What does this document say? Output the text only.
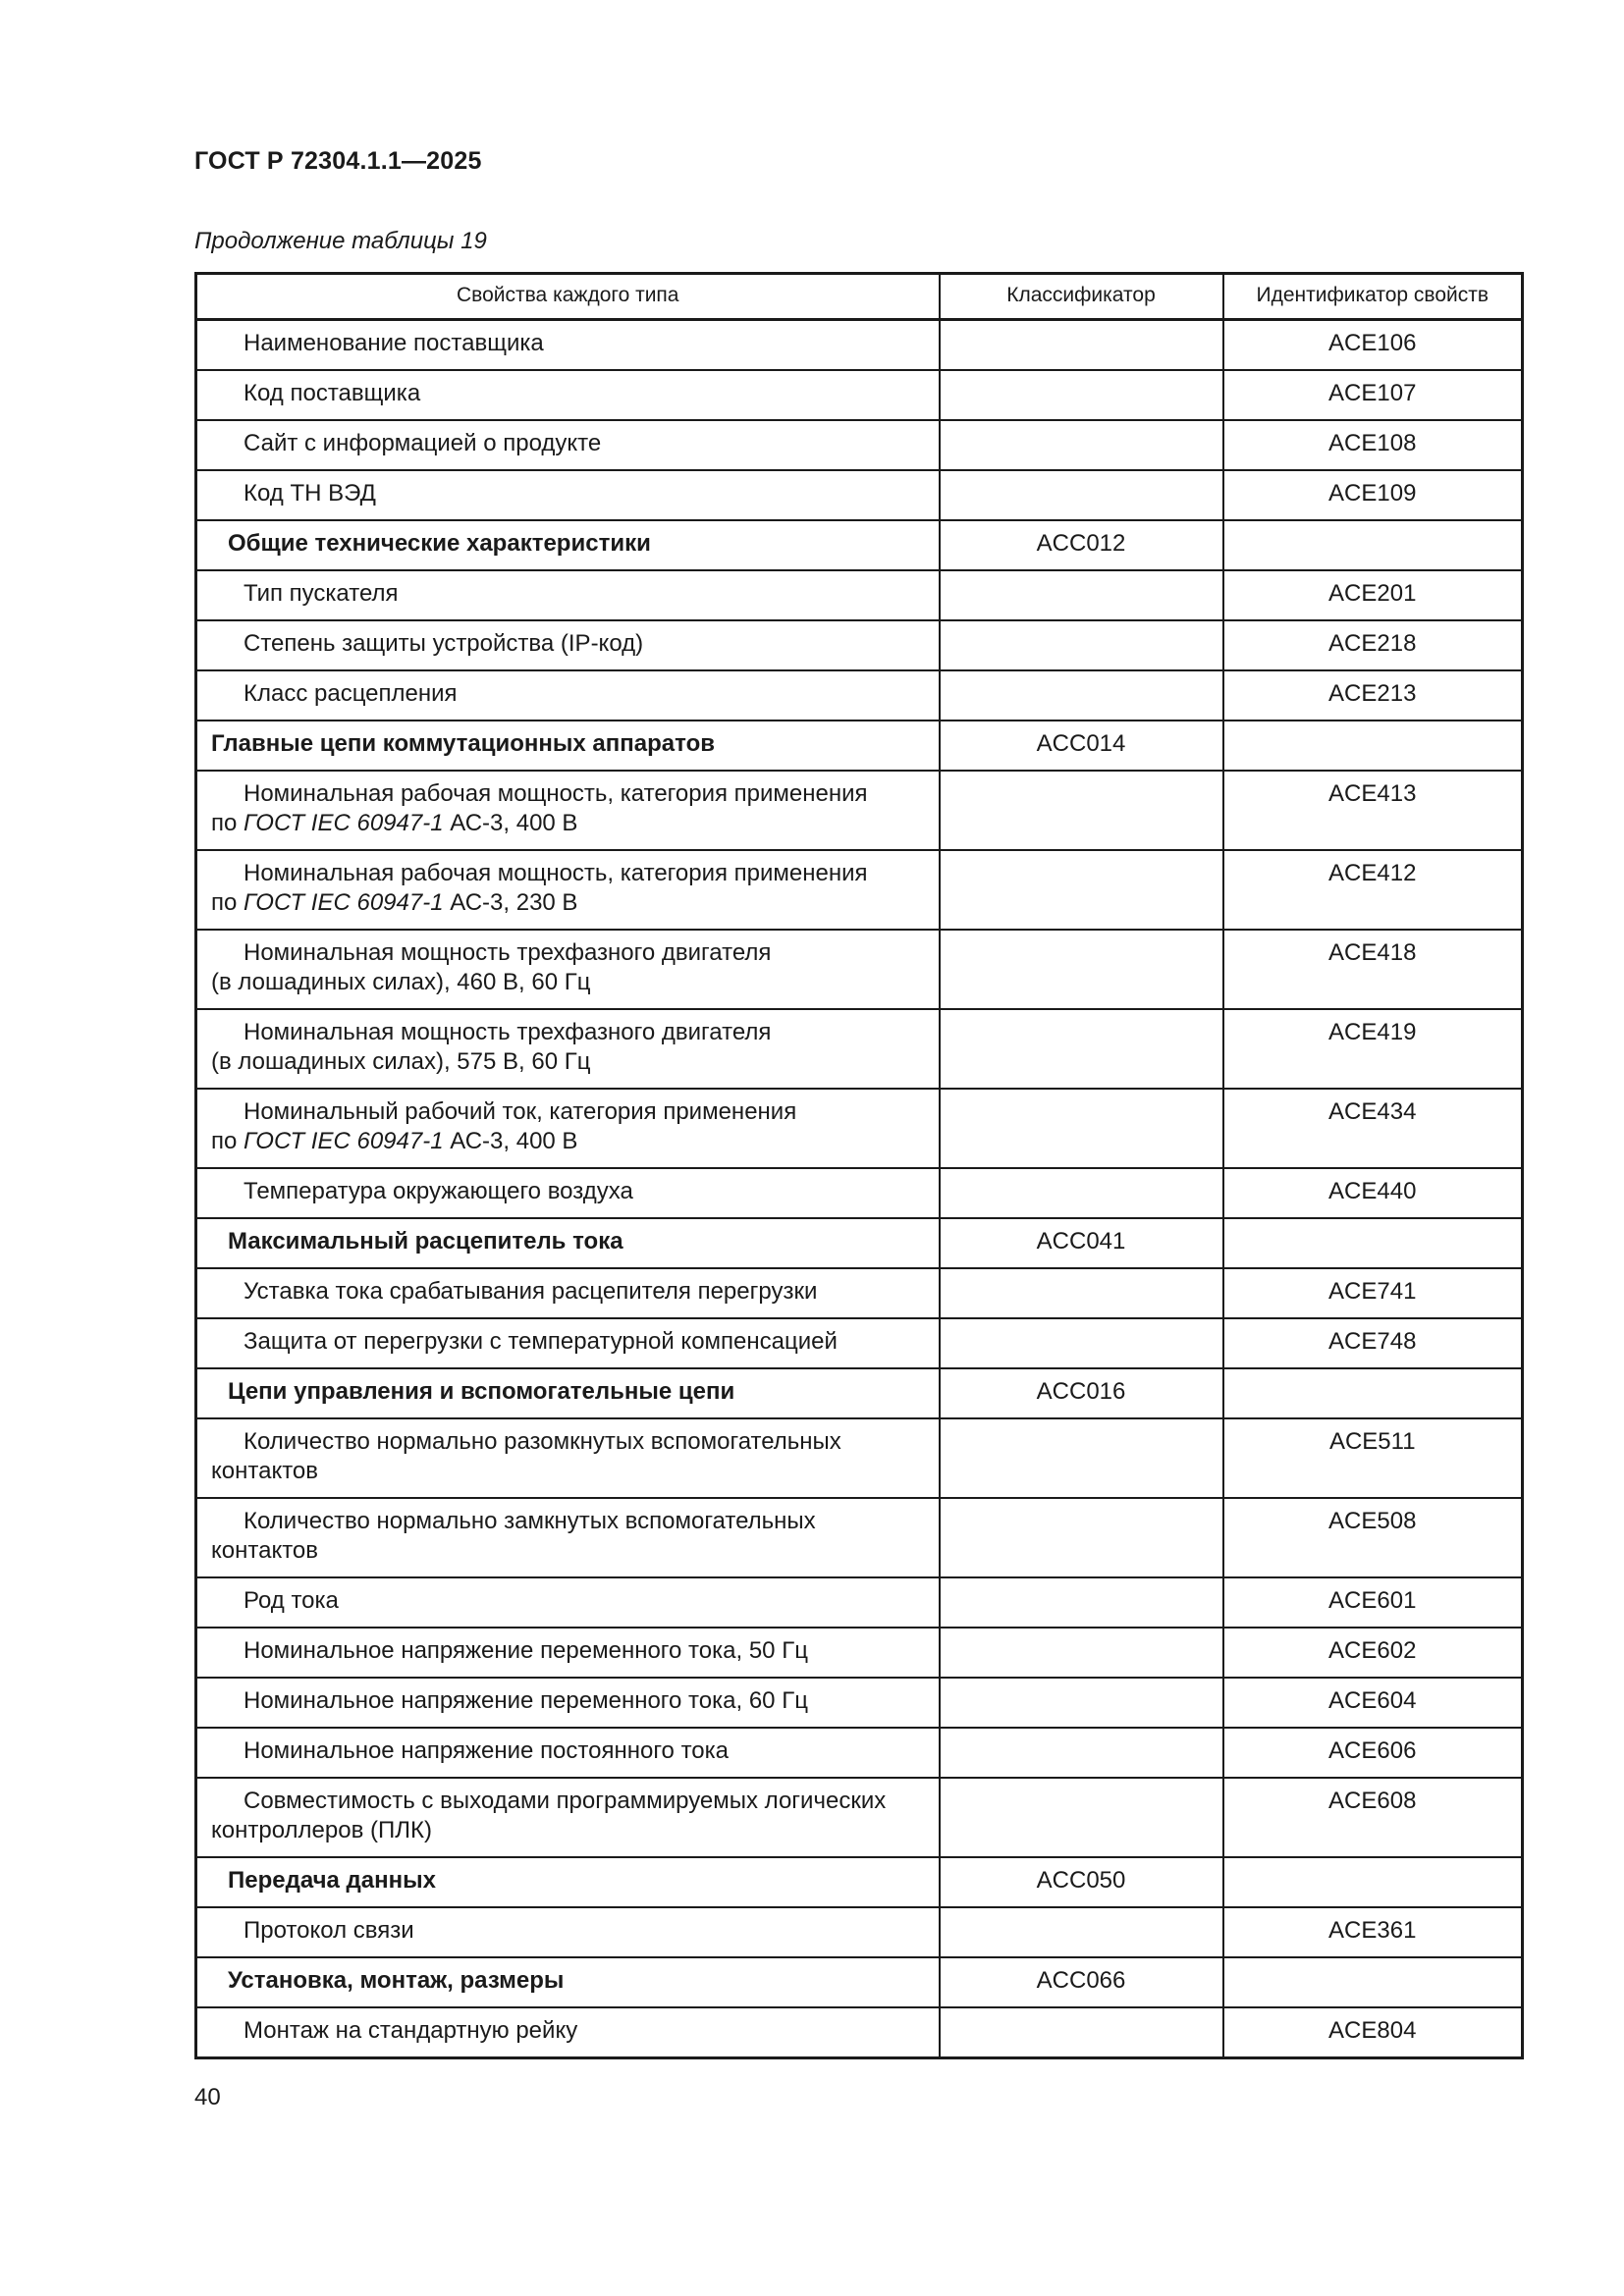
ГОСТ Р 72304.1.1—2025
Продолжение таблицы 19
Свойства каждого типа	Классификатор	Идентификатор свойств
Наименование поставщика		ACE106
Код поставщика		ACE107
Сайт с информацией о продукте		ACE108
Код ТН ВЭД		ACE109
Общие технические характеристики	ACC012	
Тип пускателя		ACE201
Степень защиты устройства (IP-код)		ACE218
Класс расцепления		ACE213
Главные цепи коммутационных аппаратов	ACC014	
Номинальная рабочая мощность, категория применения
по ГОСТ IEC 60947-1 АС-3, 400 В		ACE413
Номинальная рабочая мощность, категория применения
по ГОСТ IEC 60947-1 АС-3, 230 В		ACE412
Номинальная мощность трехфазного двигателя
(в лошадиных силах), 460 В, 60 Гц		ACE418
Номинальная мощность трехфазного двигателя
(в лошадиных силах), 575 В, 60 Гц		ACE419
Номинальный рабочий ток, категория применения
по ГОСТ IEC 60947-1 АС-3, 400 В		ACE434
Температура окружающего воздуха		ACE440
Максимальный расцепитель тока	ACC041	
Уставка тока срабатывания расцепителя перегрузки		ACE741
Защита от перегрузки с температурной компенсацией		ACE748
Цепи управления и вспомогательные цепи	ACC016	
Количество нормально разомкнутых вспомогательных
контактов		ACE511
Количество нормально замкнутых вспомогательных
контактов		ACE508
Род тока		ACE601
Номинальное напряжение переменного тока, 50 Гц		ACE602
Номинальное напряжение переменного тока, 60 Гц		ACE604
Номинальное напряжение постоянного тока		ACE606
Совместимость с выходами программируемых логических
контроллеров (ПЛК)		ACE608
Передача данных	ACC050	
Протокол связи		ACE361
Установка, монтаж, размеры	ACC066	
Монтаж на стандартную рейку		ACE804
40
